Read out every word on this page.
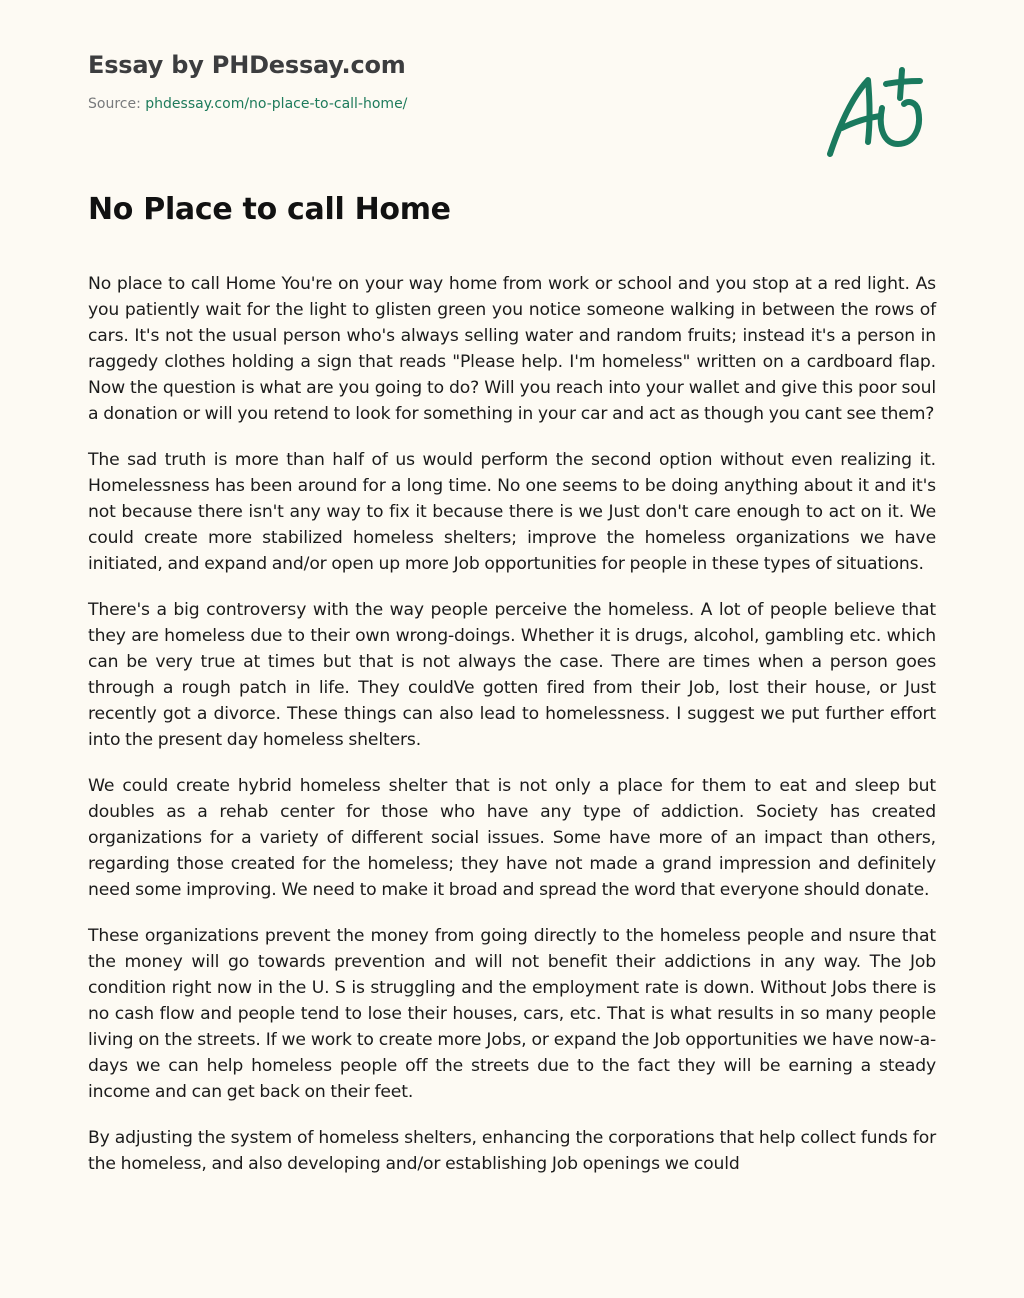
Essay by PHDessay.com
Source: phdessay.com/no-place-to-call-home/
No Place to call Home

No place to call Home You're on your way home from work or school and you stop at a red light. As you patiently wait for the light to glisten green you notice someone walking in between the rows of cars. It's not the usual person who's always selling water and random fruits; instead it's a person in raggedy clothes holding a sign that reads "Please help. I'm homeless" written on a cardboard flap. Now the question is what are you going to do? Will you reach into your wallet and give this poor soul a donation or will you retend to look for something in your car and act as though you cant see them?

The sad truth is more than half of us would perform the second option without even realizing it. Homelessness has been around for a long time. No one seems to be doing anything about it and it's not because there isn't any way to fix it because there is we Just don't care enough to act on it. We could create more stabilized homeless shelters; improve the homeless organizations we have initiated, and expand and/or open up more Job opportunities for people in these types of situations.

There's a big controversy with the way people perceive the homeless. A lot of people believe that they are homeless due to their own wrong-doings. Whether it is drugs, alcohol, gambling etc. which can be very true at times but that is not always the case. There are times when a person goes through a rough patch in life. They couldVe gotten fired from their Job, lost their house, or Just recently got a divorce. These things can also lead to homelessness. I suggest we put further effort into the present day homeless shelters.

We could create hybrid homeless shelter that is not only a place for them to eat and sleep but doubles as a rehab center for those who have any type of addiction. Society has created organizations for a variety of different social issues. Some have more of an impact than others, regarding those created for the homeless; they have not made a grand impression and definitely need some improving. We need to make it broad and spread the word that everyone should donate.

These organizations prevent the money from going directly to the homeless people and nsure that the money will go towards prevention and will not benefit their addictions in any way. The Job condition right now in the U. S is struggling and the employment rate is down. Without Jobs there is no cash flow and people tend to lose their houses, cars, etc. That is what results in so many people living on the streets. If we work to create more Jobs, or expand the Job opportunities we have now-a-days we can help homeless people off the streets due to the fact they will be earning a steady income and can get back on their feet.

By adjusting the system of homeless shelters, enhancing the corporations that help collect funds for the homeless, and also developing and/or establishing Job openings we could
